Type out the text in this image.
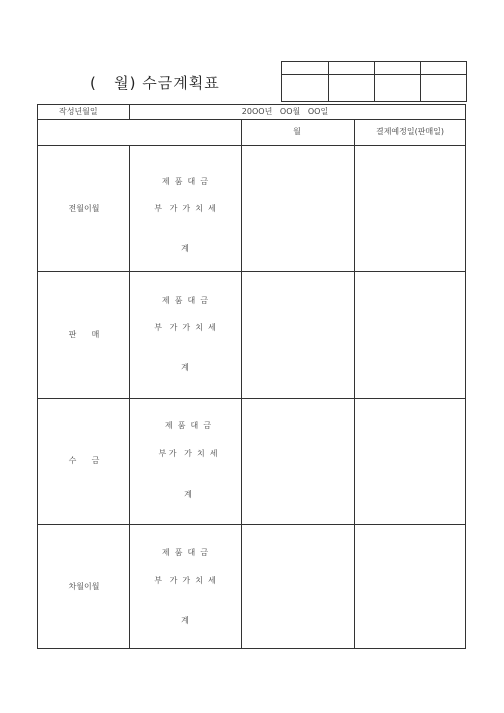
(   월) 수금계획표
작성년월일	20OO년   OO월   OO일
월	결제예정일(판매일)
전월이월
제  품  대  금
부   가  가  치  세
계
판      매
제  품  대  금
부   가  가  치  세
계
수      금
제  품  대  금
부 가   가  치  세
계
차월이월
제  품  대  금
부   가  가  치  세
계
